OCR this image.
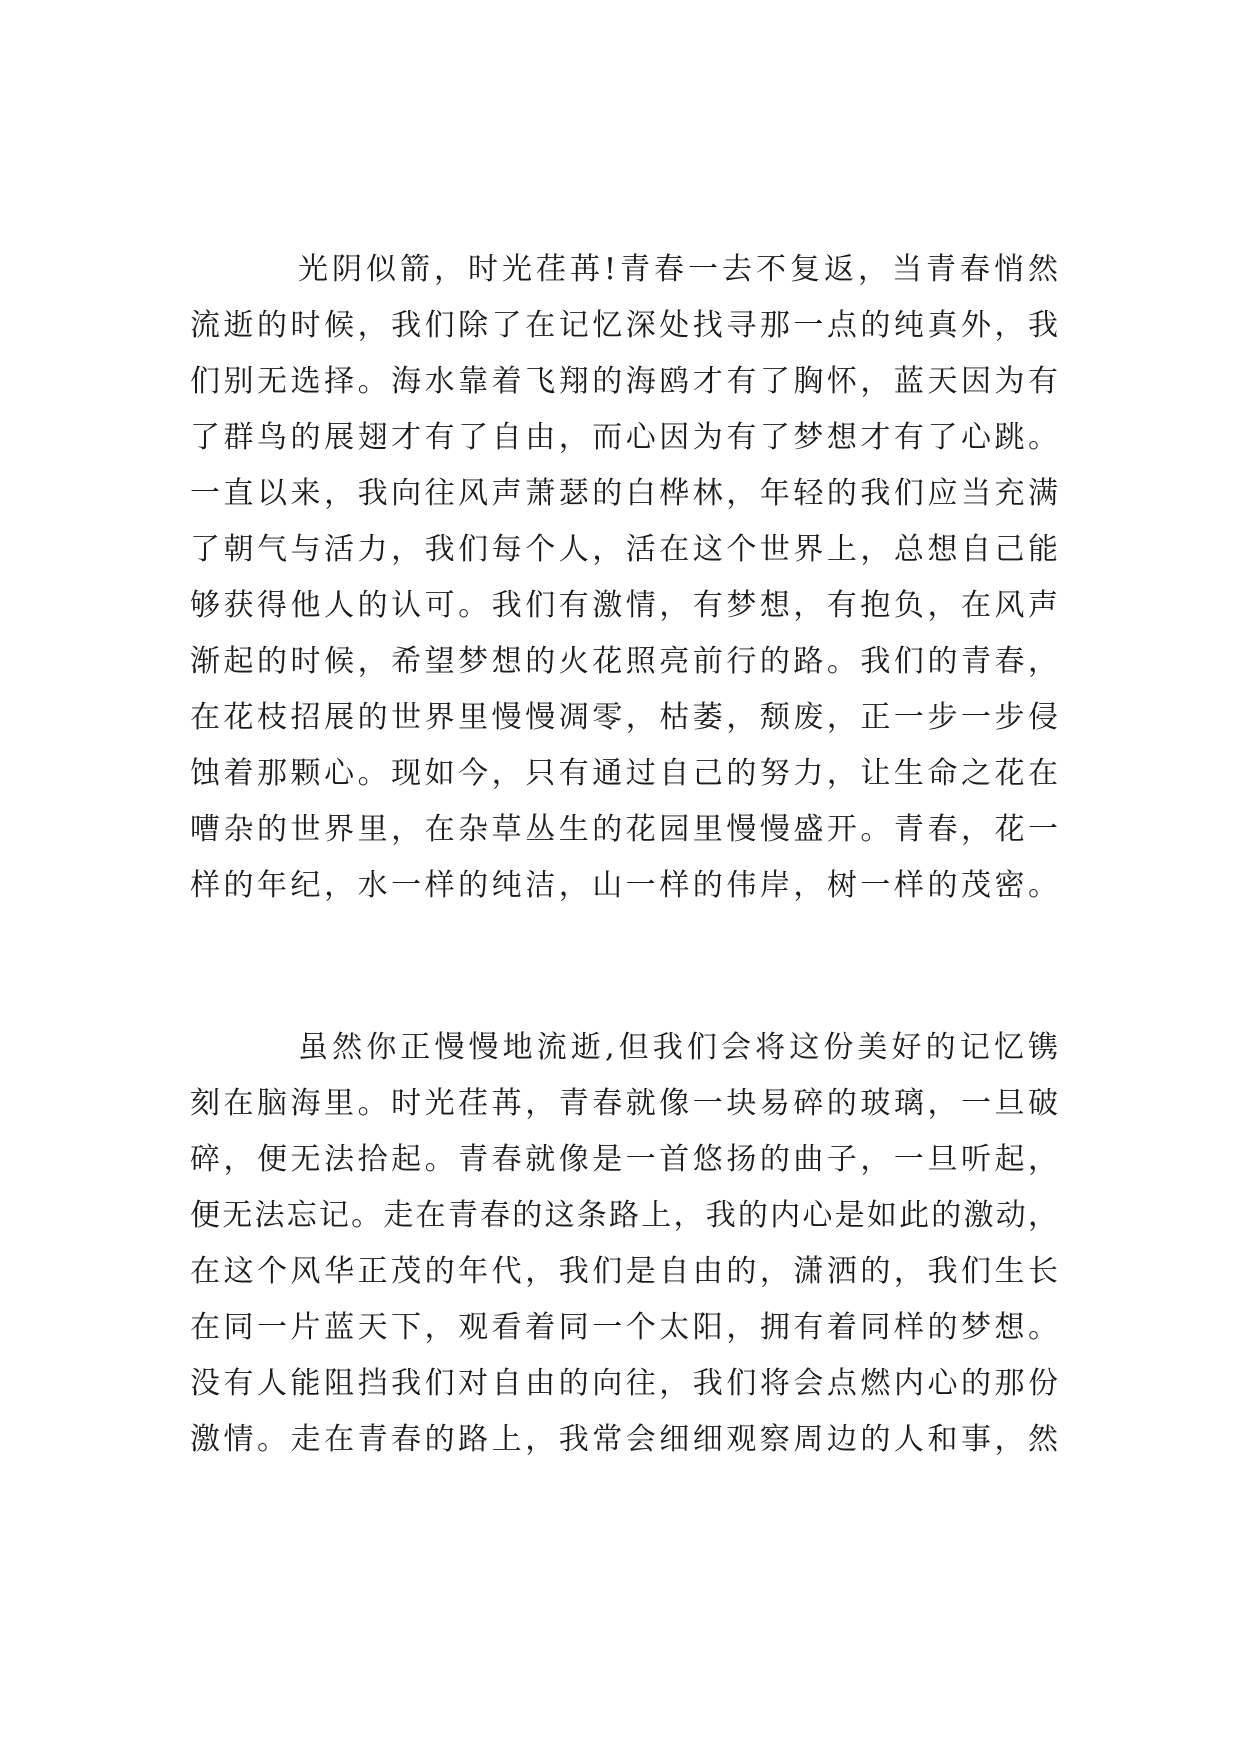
光阴似箭，时光荏苒!青春一去不复返，当青春悄然

流逝的时候，我们除了在记忆深处找寻那一点的纯真外，我

们别无选择。海水靠着飞翔的海鸥才有了胸怀，蓝天因为有

了群鸟的展翅才有了自由，而心因为有了梦想才有了心跳。

一直以来，我向往风声萧瑟的白桦林，年轻的我们应当充满

了朝气与活力，我们每个人，活在这个世界上，总想自己能

够获得他人的认可。我们有激情，有梦想，有抱负，在风声

渐起的时候，希望梦想的火花照亮前行的路。我们的青春，

在花枝招展的世界里慢慢凋零，枯萎，颓废，正一步一步侵

蚀着那颗心。现如今，只有通过自己的努力，让生命之花在

嘈杂的世界里，在杂草丛生的花园里慢慢盛开。青春，花一

样的年纪，水一样的纯洁，山一样的伟岸，树一样的茂密。

虽然你正慢慢地流逝,但我们会将这份美好的记忆镌

刻在脑海里。时光荏苒，青春就像一块易碎的玻璃，一旦破

碎，便无法拾起。青春就像是一首悠扬的曲子，一旦听起，

便无法忘记。走在青春的这条路上，我的内心是如此的激动，

在这个风华正茂的年代，我们是自由的，潇洒的，我们生长

在同一片蓝天下，观看着同一个太阳，拥有着同样的梦想。

没有人能阻挡我们对自由的向往，我们将会点燃内心的那份

激情。走在青春的路上，我常会细细观察周边的人和事，然
